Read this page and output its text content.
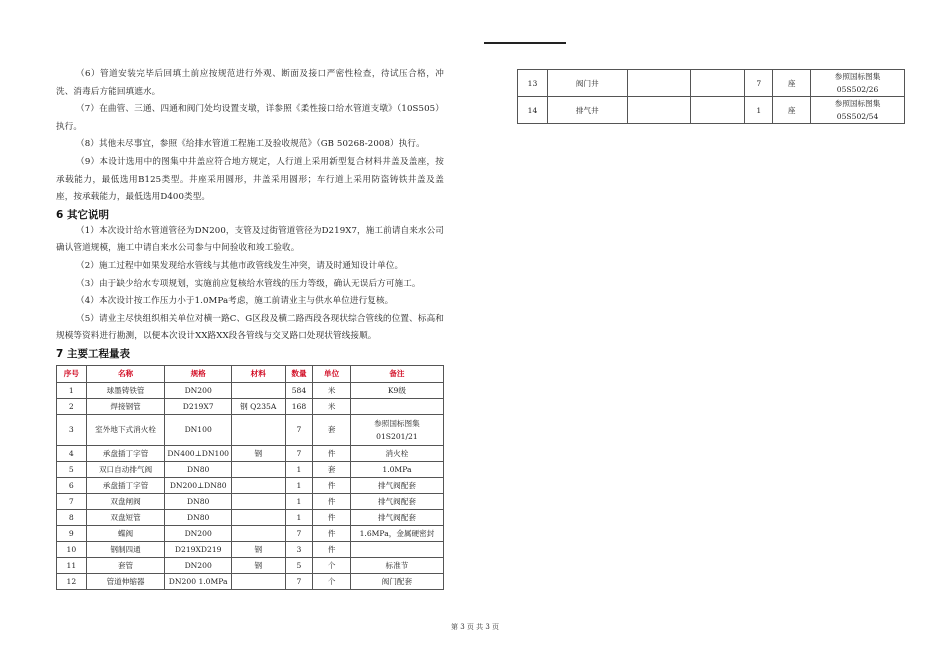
（6）管道安装完毕后回填土前应按规范进行外观、断面及接口严密性检查，待试压合格，冲洗、消毒后方能回填遮水。

（7）在曲管、三通、四通和阀门处均设置支墩，详参照《柔性接口给水管道支墩》（10S505）执行。

（8）其他未尽事宜，参照《给排水管道工程施工及验收规范》（GB 50268-2008）执行。

（9）本设计选用中的图集中井盖应符合地方规定，人行道上采用新型复合材料井盖及盖座，按承载能力，最低选用B125类型。井座采用圆形，井盖采用圆形；车行道上采用防盗铸铁井盖及盖座，按承载能力，最低选用D400类型。

6 其它说明

（1）本次设计给水管道管径为DN200，支管及过街管道管径为D219X7，施工前请自来水公司确认管道规模，施工中请自来水公司参与中间验收和竣工验收。

（2）施工过程中如果发现给水管线与其他市政管线发生冲突，请及时通知设计单位。

（3）由于缺少给水专项规划，实施前应复核给水管线的压力等级，确认无误后方可施工。

（4）本次设计按工作压力小于1.0MPa考虑，施工前请业主与供水单位进行复核。

（5）请业主尽快组织相关单位对横一路C、G区段及横二路西段各现状综合管线的位置、标高和规模等资料进行勘测，以便本次设计XX路XX段各管线与交叉路口处现状管线接顺。

7 主要工程量表
序号	名称	规格	材料	数量	单位	备注
1	球墨铸铁管	DN200		584	米	K9级
2	焊接钢管	D219X7	钢 Q235A	168	米	
3	室外地下式消火栓	DN100		7	套	参照国标图集
01S201/21
4	承盘插丁字管	DN400⊥DN100	钢	7	件	消火栓
5	双口自动排气阀	DN80		1	套	1.0MPa
6	承盘插丁字管	DN200⊥DN80		1	件	排气阀配套
7	双盘闸阀	DN80		1	件	排气阀配套
8	双盘短管	DN80		1	件	排气阀配套
9	蝶阀	DN200		7	件	1.6MPa，金属硬密封
10	钢制四通	D219XD219	钢	3	件	
11	套管	DN200	钢	5	个	标准节
12	管道伸缩器	DN200 1.0MPa		7	个	阀门配套
13	阀门井			7	座	参照国标图集
05S502/26
14	排气井			1	座	参照国标图集
05S502/54
第 3 页 共 3 页
